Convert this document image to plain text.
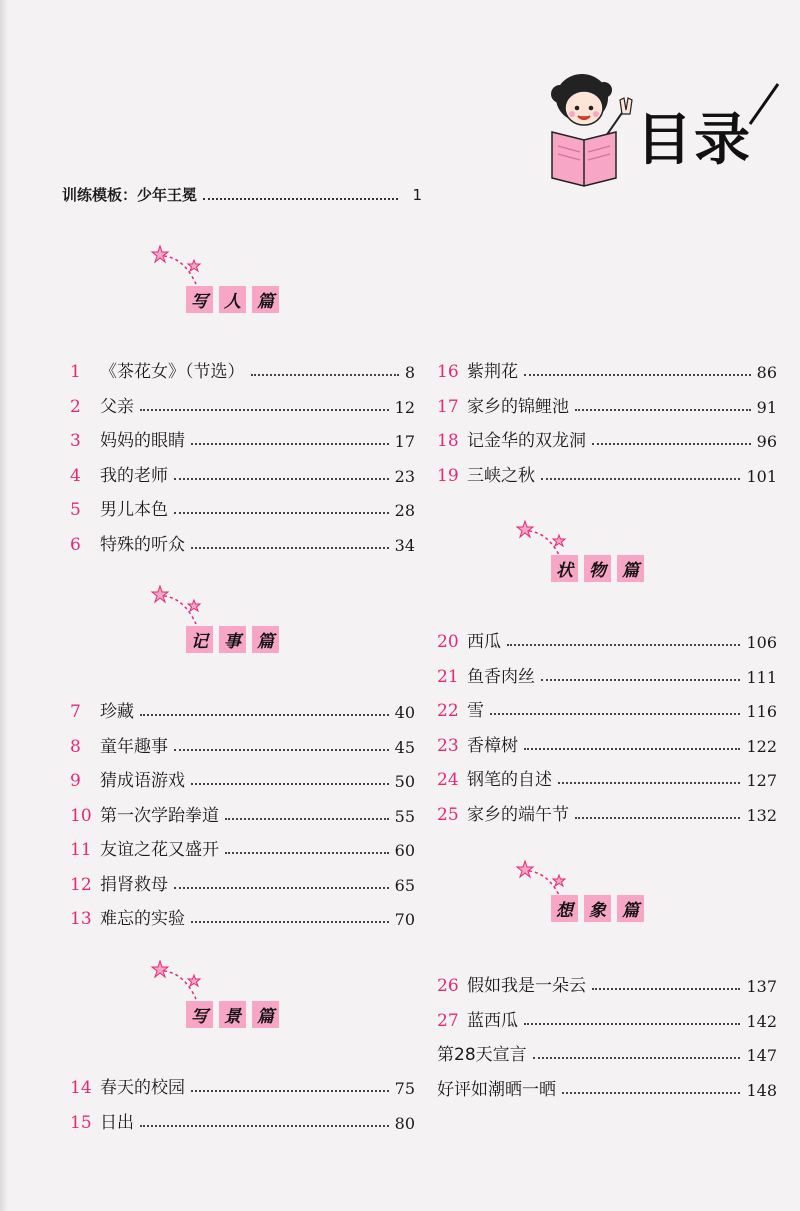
目录
训练模板：少年王冕	1
写 人 篇
记 事 篇
写 景 篇
状 物 篇
想 象 篇
1	《茶花女》（节选）	8
2	父亲	12
3	妈妈的眼睛	17
4	我的老师	23
5	男儿本色	28
6	特殊的听众	34
7	珍藏	40
8	童年趣事	45
9	猜成语游戏	50
10 第一次学跆拳道	55
11 友谊之花又盛开	60
12 捐肾救母	65
13 难忘的实验	70
14 春天的校园	75
15 日出	80
16 紫荆花	86
17 家乡的锦鲤池	91
18 记金华的双龙洞	96
19 三峡之秋	101
20 西瓜	106
21 鱼香肉丝	111
22 雪	116
23 香樟树	122
24 钢笔的自述	127
25 家乡的端午节	132
26 假如我是一朵云	137
27 蓝西瓜	142
第28天宣言	147
好评如潮晒一晒	148
